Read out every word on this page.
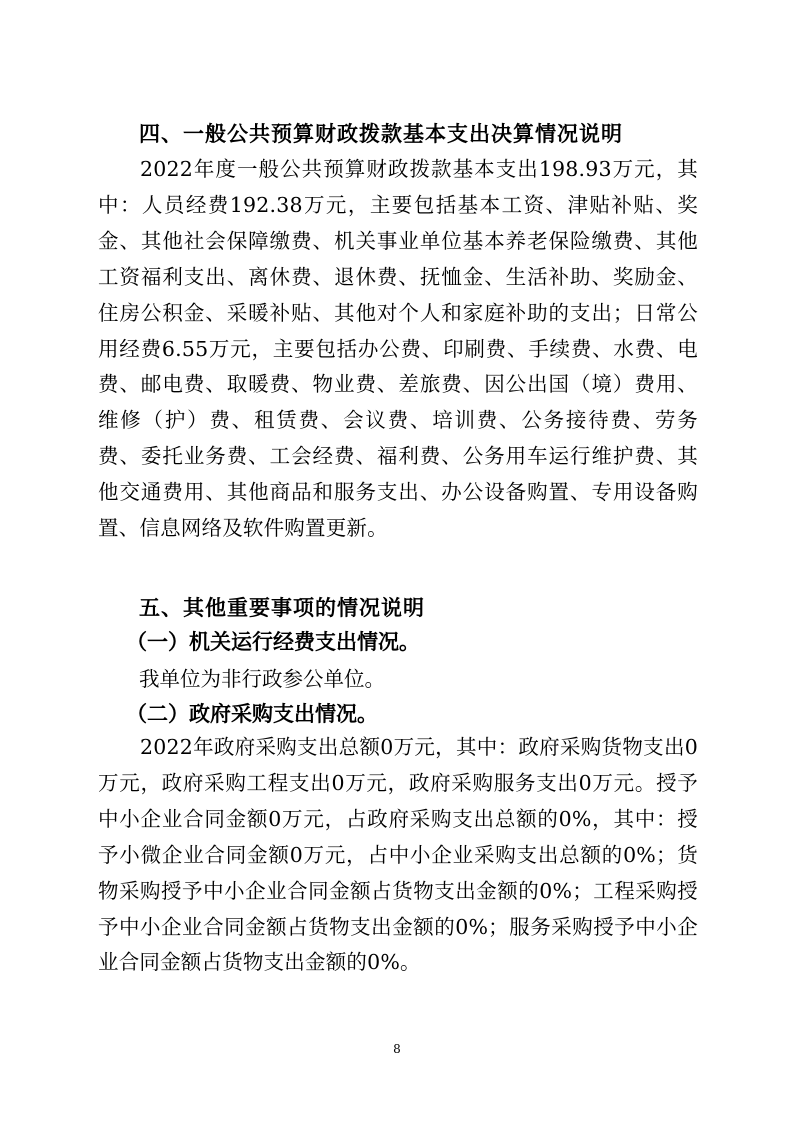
四、一般公共预算财政拨款基本支出决算情况说明

2022年度一般公共预算财政拨款基本支出198.93万元，其中：人员经费192.38万元，主要包括基本工资、津贴补贴、奖金、其他社会保障缴费、机关事业单位基本养老保险缴费、其他工资福利支出、离休费、退休费、抚恤金、生活补助、奖励金、住房公积金、采暖补贴、其他对个人和家庭补助的支出；日常公用经费6.55万元，主要包括办公费、印刷费、手续费、水费、电费、邮电费、取暖费、物业费、差旅费、因公出国（境）费用、维修（护）费、租赁费、会议费、培训费、公务接待费、劳务费、委托业务费、工会经费、福利费、公务用车运行维护费、其他交通费用、其他商品和服务支出、办公设备购置、专用设备购置、信息网络及软件购置更新。

五、其他重要事项的情况说明
（一）机关运行经费支出情况。

我单位为非行政参公单位。

（二）政府采购支出情况。

2022年政府采购支出总额0万元，其中：政府采购货物支出0万元，政府采购工程支出0万元，政府采购服务支出0万元。授予中小企业合同金额0万元，占政府采购支出总额的0%，其中：授予小微企业合同金额0万元，占中小企业采购支出总额的0%；货物采购授予中小企业合同金额占货物支出金额的0%；工程采购授予中小企业合同金额占货物支出金额的0%；服务采购授予中小企业合同金额占货物支出金额的0%。

8
